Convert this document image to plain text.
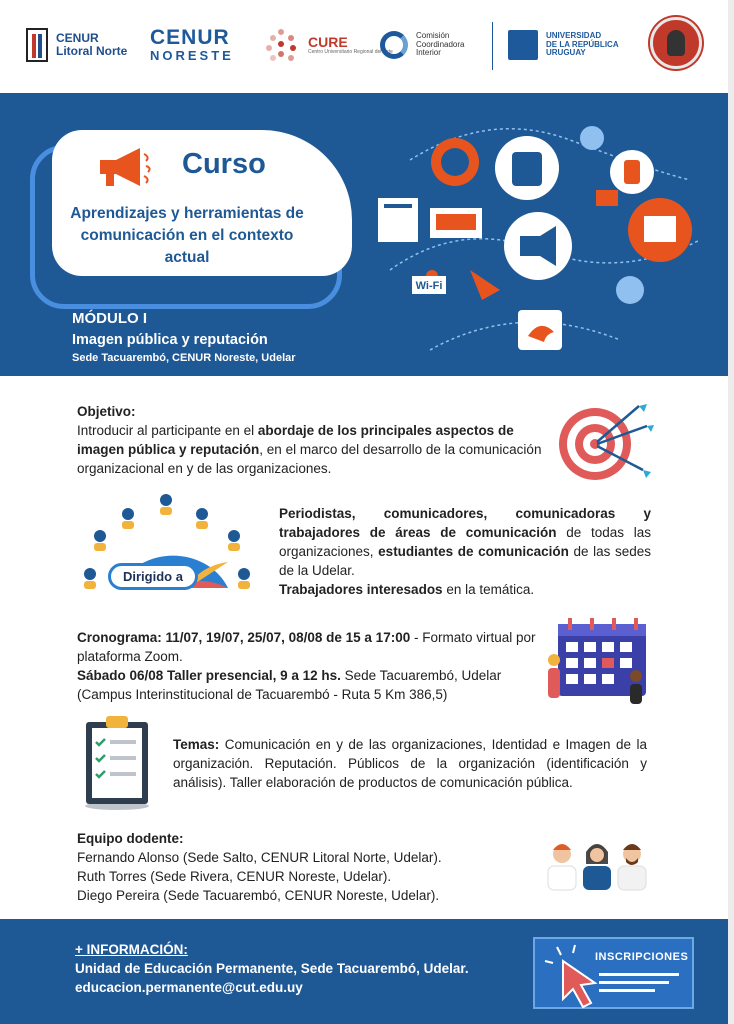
CENUR
Litoral Norte
CENUR
NORESTE
CURE
Centro Universitario Regional del Este
Comisión
Coordinadora
Interior
UNIVERSIDAD
DE LA REPÚBLICA
URUGUAY
Curso
Aprendizajes y herramientas de comunicación en el contexto actual
MÓDULO I
Imagen pública y reputación
Sede Tacuarembó, CENUR Noreste, Udelar
Wi-Fi
Objetivo:
Introducir al participante en el abordaje de los principales aspectos de imagen pública y reputación, en el marco del desarrollo de la comunicación organizacional en y de las organizaciones.
Dirigido a
Periodistas, comunicadores, comunicadoras y trabajadores de áreas de comunicación de todas las organizaciones, estudiantes de comunicación de las sedes de la Udelar.
Trabajadores interesados en la temática.
Cronograma: 11/07, 19/07, 25/07, 08/08 de 15 a 17:00 - Formato virtual por plataforma Zoom.
Sábado 06/08 Taller presencial, 9 a 12 hs. Sede Tacuarembó, Udelar (Campus Interinstitucional de Tacuarembó - Ruta 5 Km 386,5)
Temas: Comunicación en y de las organizaciones, Identidad e Imagen de la organización. Reputación. Públicos de la organización (identificación y análisis). Taller elaboración de productos de comunicación pública.
Equipo dodente:
Fernando Alonso (Sede Salto, CENUR Litoral Norte, Udelar).
Ruth Torres (Sede Rivera, CENUR Noreste, Udelar).
Diego Pereira (Sede Tacuarembó, CENUR Noreste, Udelar).
+ INFORMACIÓN:
Unidad de Educación Permanente, Sede Tacuarembó, Udelar.
educacion.permanente@cut.edu.uy
INSCRIPCIONES
